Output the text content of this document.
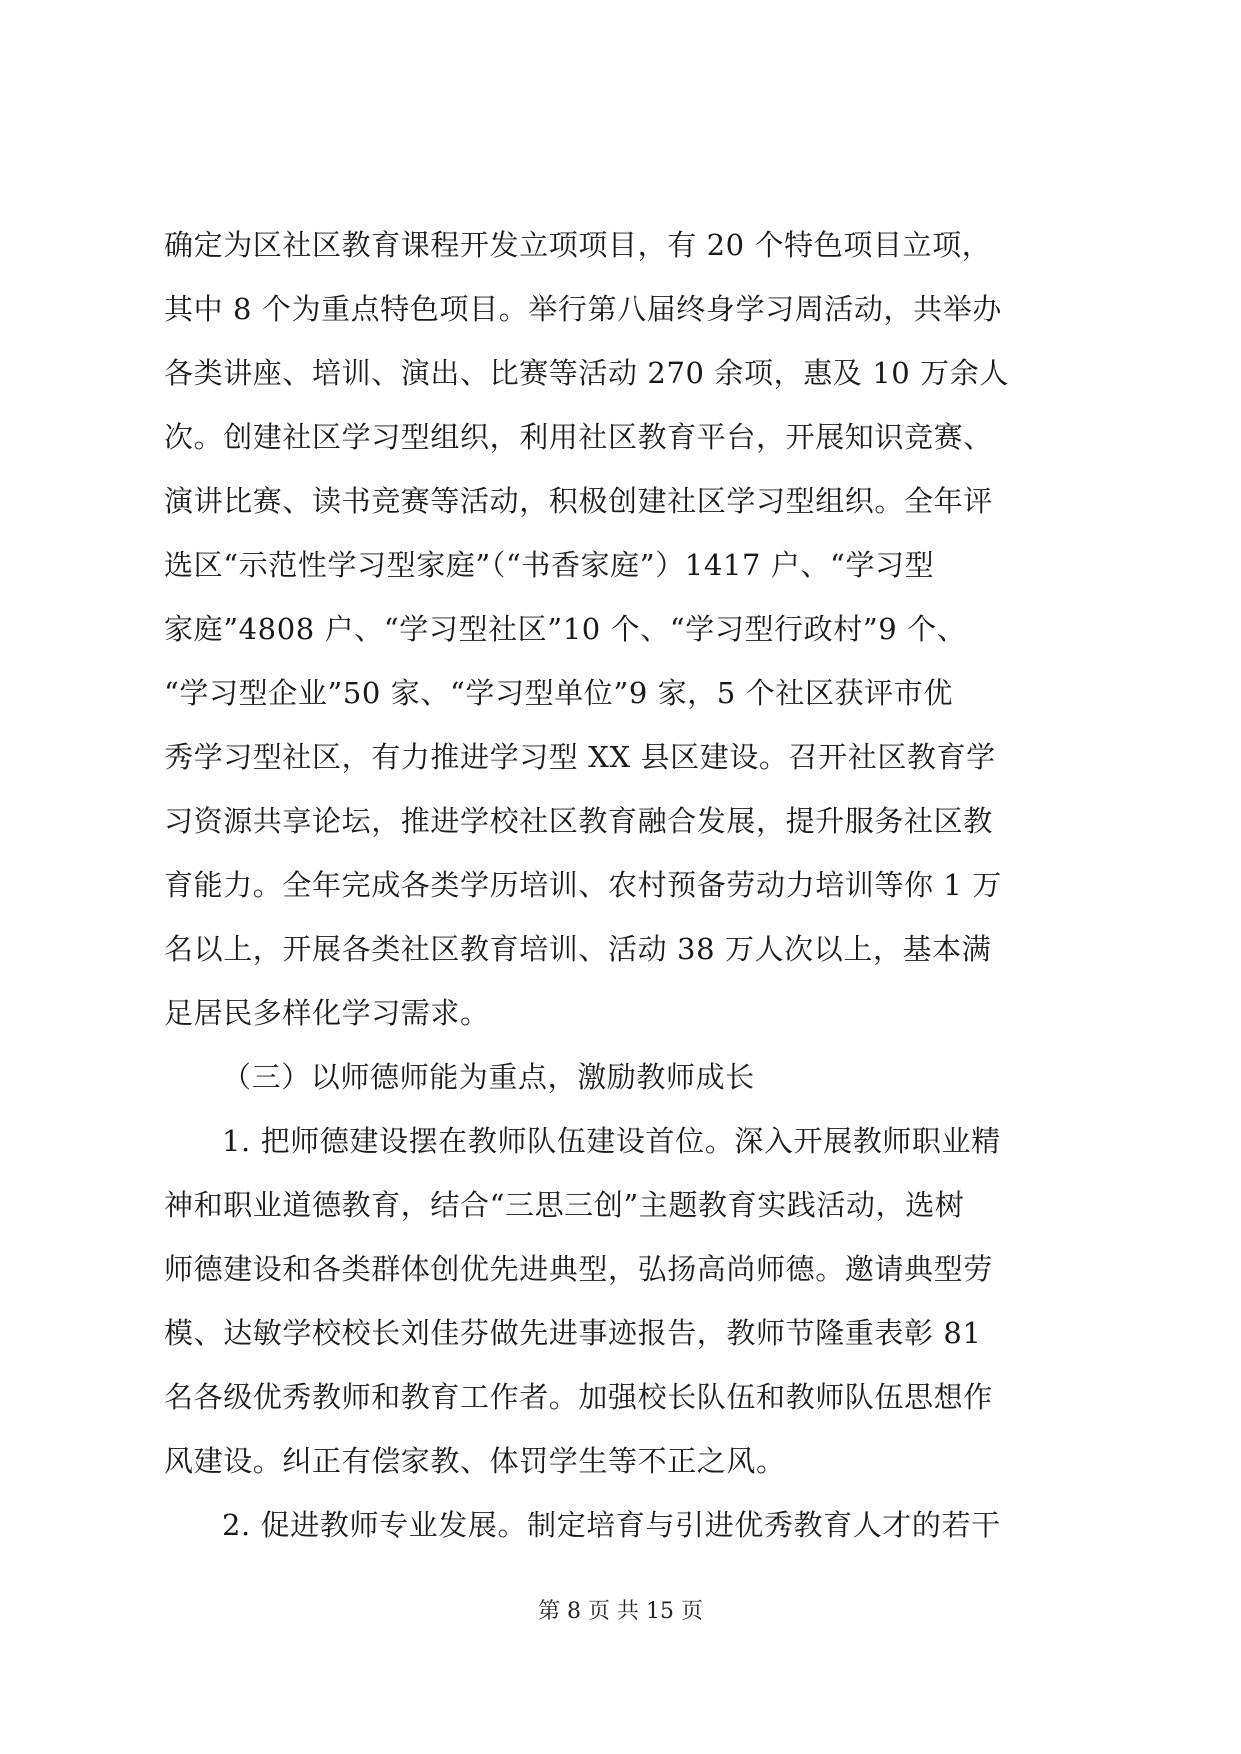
确定为区社区教育课程开发立项项目，有 20 个特色项目立项，
其中 8 个为重点特色项目。举行第八届终身学习周活动，共举办
各类讲座、培训、演出、比赛等活动 270 余项，惠及 10 万余人
次。创建社区学习型组织，利用社区教育平台，开展知识竞赛、
演讲比赛、读书竞赛等活动，积极创建社区学习型组织。全年评
选区“示范性学习型家庭”（“书香家庭”）1417 户、“学习型
家庭”4808 户、“学习型社区”10 个、“学习型行政村”9 个、
“学习型企业”50 家、“学习型单位”9 家，5 个社区获评市优
秀学习型社区，有力推进学习型 XX 县区建设。召开社区教育学
习资源共享论坛，推进学校社区教育融合发展，提升服务社区教
育能力。全年完成各类学历培训、农村预备劳动力培训等你 1 万
名以上，开展各类社区教育培训、活动 38 万人次以上，基本满
足居民多样化学习需求。
（三）以师德师能为重点，激励教师成长
1. 把师德建设摆在教师队伍建设首位。深入开展教师职业精
神和职业道德教育，结合“三思三创”主题教育实践活动，选树
师德建设和各类群体创优先进典型，弘扬高尚师德。邀请典型劳
模、达敏学校校长刘佳芬做先进事迹报告，教师节隆重表彰 81
名各级优秀教师和教育工作者。加强校长队伍和教师队伍思想作
风建设。纠正有偿家教、体罚学生等不正之风。
2. 促进教师专业发展。制定培育与引进优秀教育人才的若干
第 8 页 共 15 页
